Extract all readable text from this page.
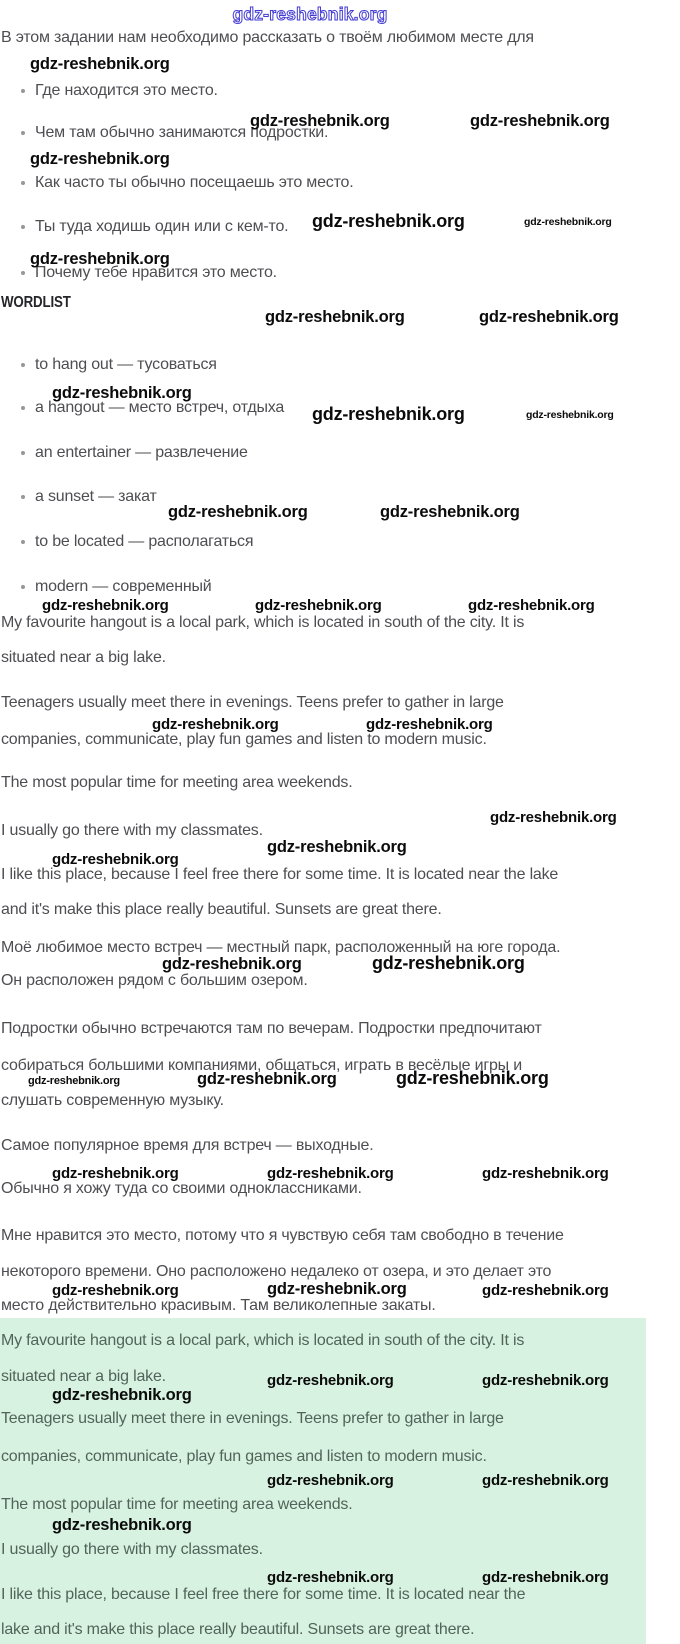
gdz-reshebnik.org
WORDLIST
В этом задании нам необходимо рассказать о твоём любимом месте для
Где находится это место.
Чем там обычно занимаются подростки.
Как часто ты обычно посещаешь это место.
Ты туда ходишь один или с кем-то.
Почему тебе нравится это место.
to hang out — тусоваться
a hangout — место встреч, отдыха
an entertainer — развлечение
a sunset — закат
to be located — располагаться
modern — современный
My favourite hangout is a local park, which is located in south of the city. It is
situated near a big lake.
Teenagers usually meet there in evenings. Teens prefer to gather in large
companies, communicate, play fun games and listen to modern music.
The most popular time for meeting area weekends.
I usually go there with my classmates.
I like this place, because I feel free there for some time. It is located near the lake
and it's make this place really beautiful. Sunsets are great there.
Моё любимое место встреч — местный парк, расположенный на юге города.
Он расположен рядом с большим озером.
Подростки обычно встречаются там по вечерам. Подростки предпочитают
собираться большими компаниями, общаться, играть в весёлые игры и
слушать современную музыку.
Самое популярное время для встреч — выходные.
Обычно я хожу туда со своими одноклассниками.
Мне нравится это место, потому что я чувствую себя там свободно в течение
некоторого времени. Оно расположено недалеко от озера, и это делает это
место действительно красивым. Там великолепные закаты.
My favourite hangout is a local park, which is located in south of the city. It is
situated near a big lake.
Teenagers usually meet there in evenings. Teens prefer to gather in large
companies, communicate, play fun games and listen to modern music.
The most popular time for meeting area weekends.
I usually go there with my classmates.
I like this place, because I feel free there for some time. It is located near the
lake and it's make this place really beautiful. Sunsets are great there.
gdz-reshebnik.org
gdz-reshebnik.org	gdz-reshebnik.org
gdz-reshebnik.org
gdz-reshebnik.org	gdz-reshebnik.org
gdz-reshebnik.org
gdz-reshebnik.org	gdz-reshebnik.org
gdz-reshebnik.org
gdz-reshebnik.org	gdz-reshebnik.org
gdz-reshebnik.org	gdz-reshebnik.org
gdz-reshebnik.org	gdz-reshebnik.org	gdz-reshebnik.org
gdz-reshebnik.org	gdz-reshebnik.org
gdz-reshebnik.org
gdz-reshebnik.org
gdz-reshebnik.org
gdz-reshebnik.org	gdz-reshebnik.org
gdz-reshebnik.org	gdz-reshebnik.org	gdz-reshebnik.org
gdz-reshebnik.org	gdz-reshebnik.org	gdz-reshebnik.org
gdz-reshebnik.org	gdz-reshebnik.org	gdz-reshebnik.org
gdz-reshebnik.org	gdz-reshebnik.org
gdz-reshebnik.org
gdz-reshebnik.org	gdz-reshebnik.org
gdz-reshebnik.org
gdz-reshebnik.org	gdz-reshebnik.org
